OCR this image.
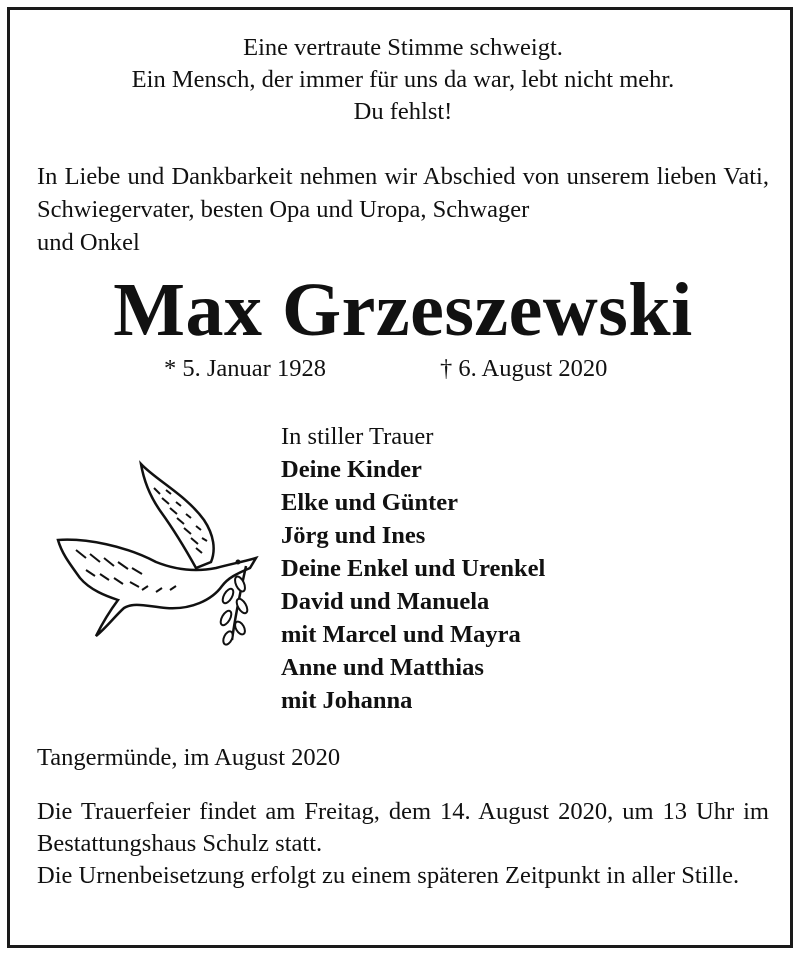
Eine vertraute Stimme schweigt.
Ein Mensch, der immer für uns da war, lebt nicht mehr.
Du fehlst!
In Liebe und Dankbarkeit nehmen wir Abschied von unserem lieben Vati, Schwiegervater, besten Opa und Uropa, Schwager
und Onkel
Max Grzeszewski
* 5. Januar 1928	† 6. August 2020
In stiller Trauer
Deine Kinder
Elke und Günter
Jörg und Ines
Deine Enkel und Urenkel
David und Manuela
mit Marcel und Mayra
Anne und Matthias
mit Johanna
Tangermünde, im August 2020

Die Trauerfeier findet am Freitag, dem 14. August 2020, um 13 Uhr im Bestattungshaus Schulz statt.

Die Urnenbeisetzung erfolgt zu einem späteren Zeitpunkt in aller Stille.
